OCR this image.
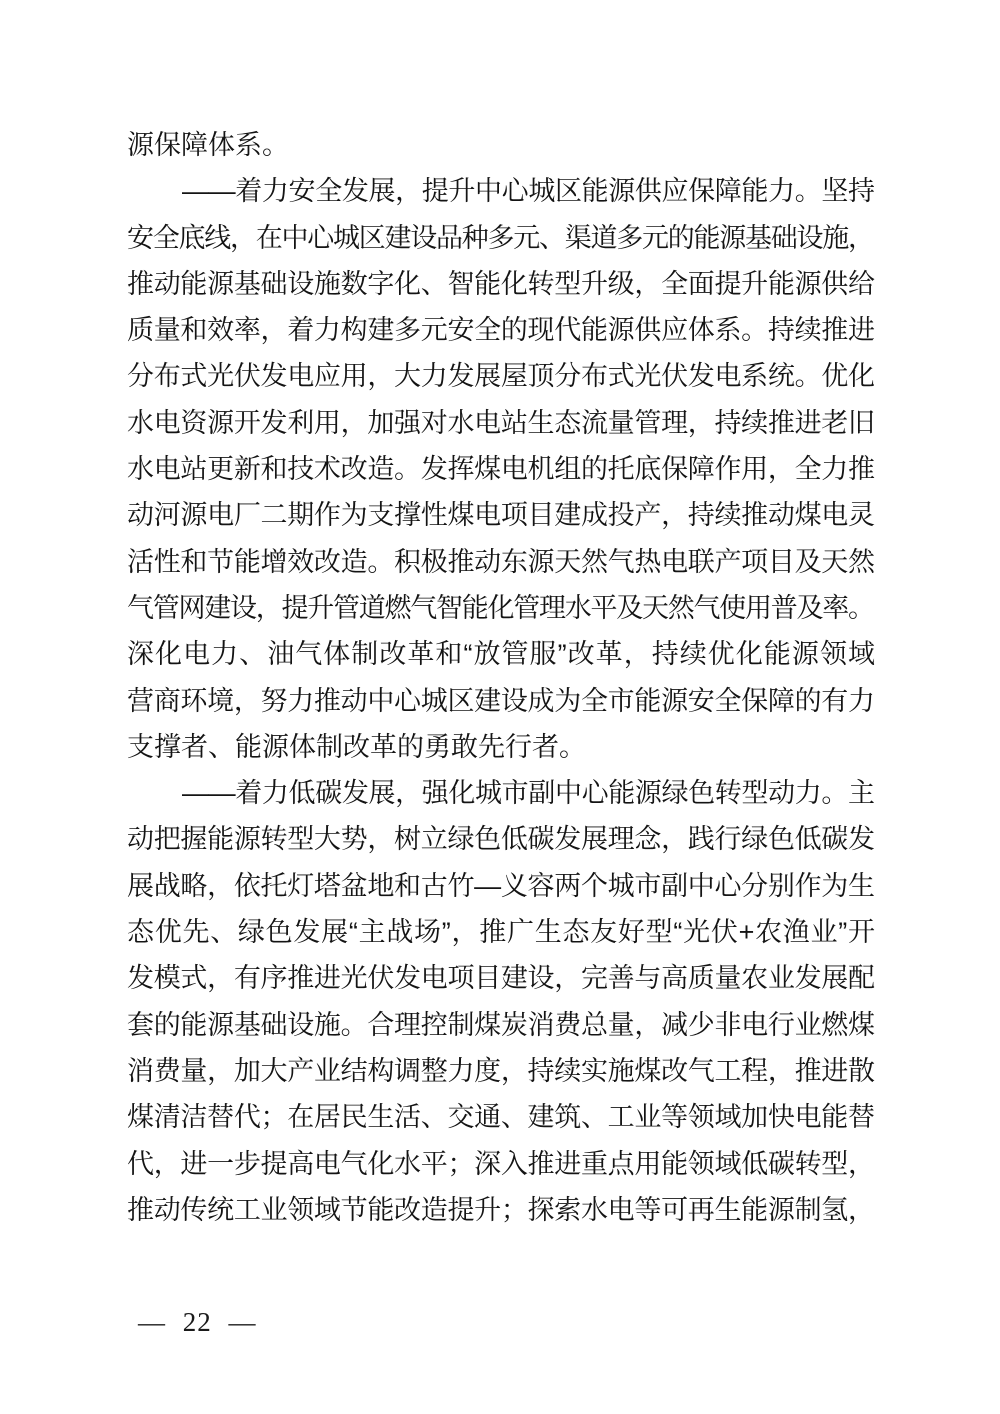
源保障体系。
——着力安全发展，提升中心城区能源供应保障能力。坚持
安全底线，在中心城区建设品种多元、渠道多元的能源基础设施，
推动能源基础设施数字化、智能化转型升级，全面提升能源供给
质量和效率，着力构建多元安全的现代能源供应体系。持续推进
分布式光伏发电应用，大力发展屋顶分布式光伏发电系统。优化
水电资源开发利用，加强对水电站生态流量管理，持续推进老旧
水电站更新和技术改造。发挥煤电机组的托底保障作用，全力推
动河源电厂二期作为支撑性煤电项目建成投产，持续推动煤电灵
活性和节能增效改造。积极推动东源天然气热电联产项目及天然
气管网建设，提升管道燃气智能化管理水平及天然气使用普及率。
深化电力、油气体制改革和“放管服”改革，持续优化能源领域
营商环境，努力推动中心城区建设成为全市能源安全保障的有力
支撑者、能源体制改革的勇敢先行者。
——着力低碳发展，强化城市副中心能源绿色转型动力。主
动把握能源转型大势，树立绿色低碳发展理念，践行绿色低碳发
展战略，依托灯塔盆地和古竹—义容两个城市副中心分别作为生
态优先、绿色发展“主战场”，推广生态友好型“光伏+农渔业”开
发模式，有序推进光伏发电项目建设，完善与高质量农业发展配
套的能源基础设施。合理控制煤炭消费总量，减少非电行业燃煤
消费量，加大产业结构调整力度，持续实施煤改气工程，推进散
煤清洁替代；在居民生活、交通、建筑、工业等领域加快电能替
代，进一步提高电气化水平；深入推进重点用能领域低碳转型，
推动传统工业领域节能改造提升；探索水电等可再生能源制氢，
— 22 —
